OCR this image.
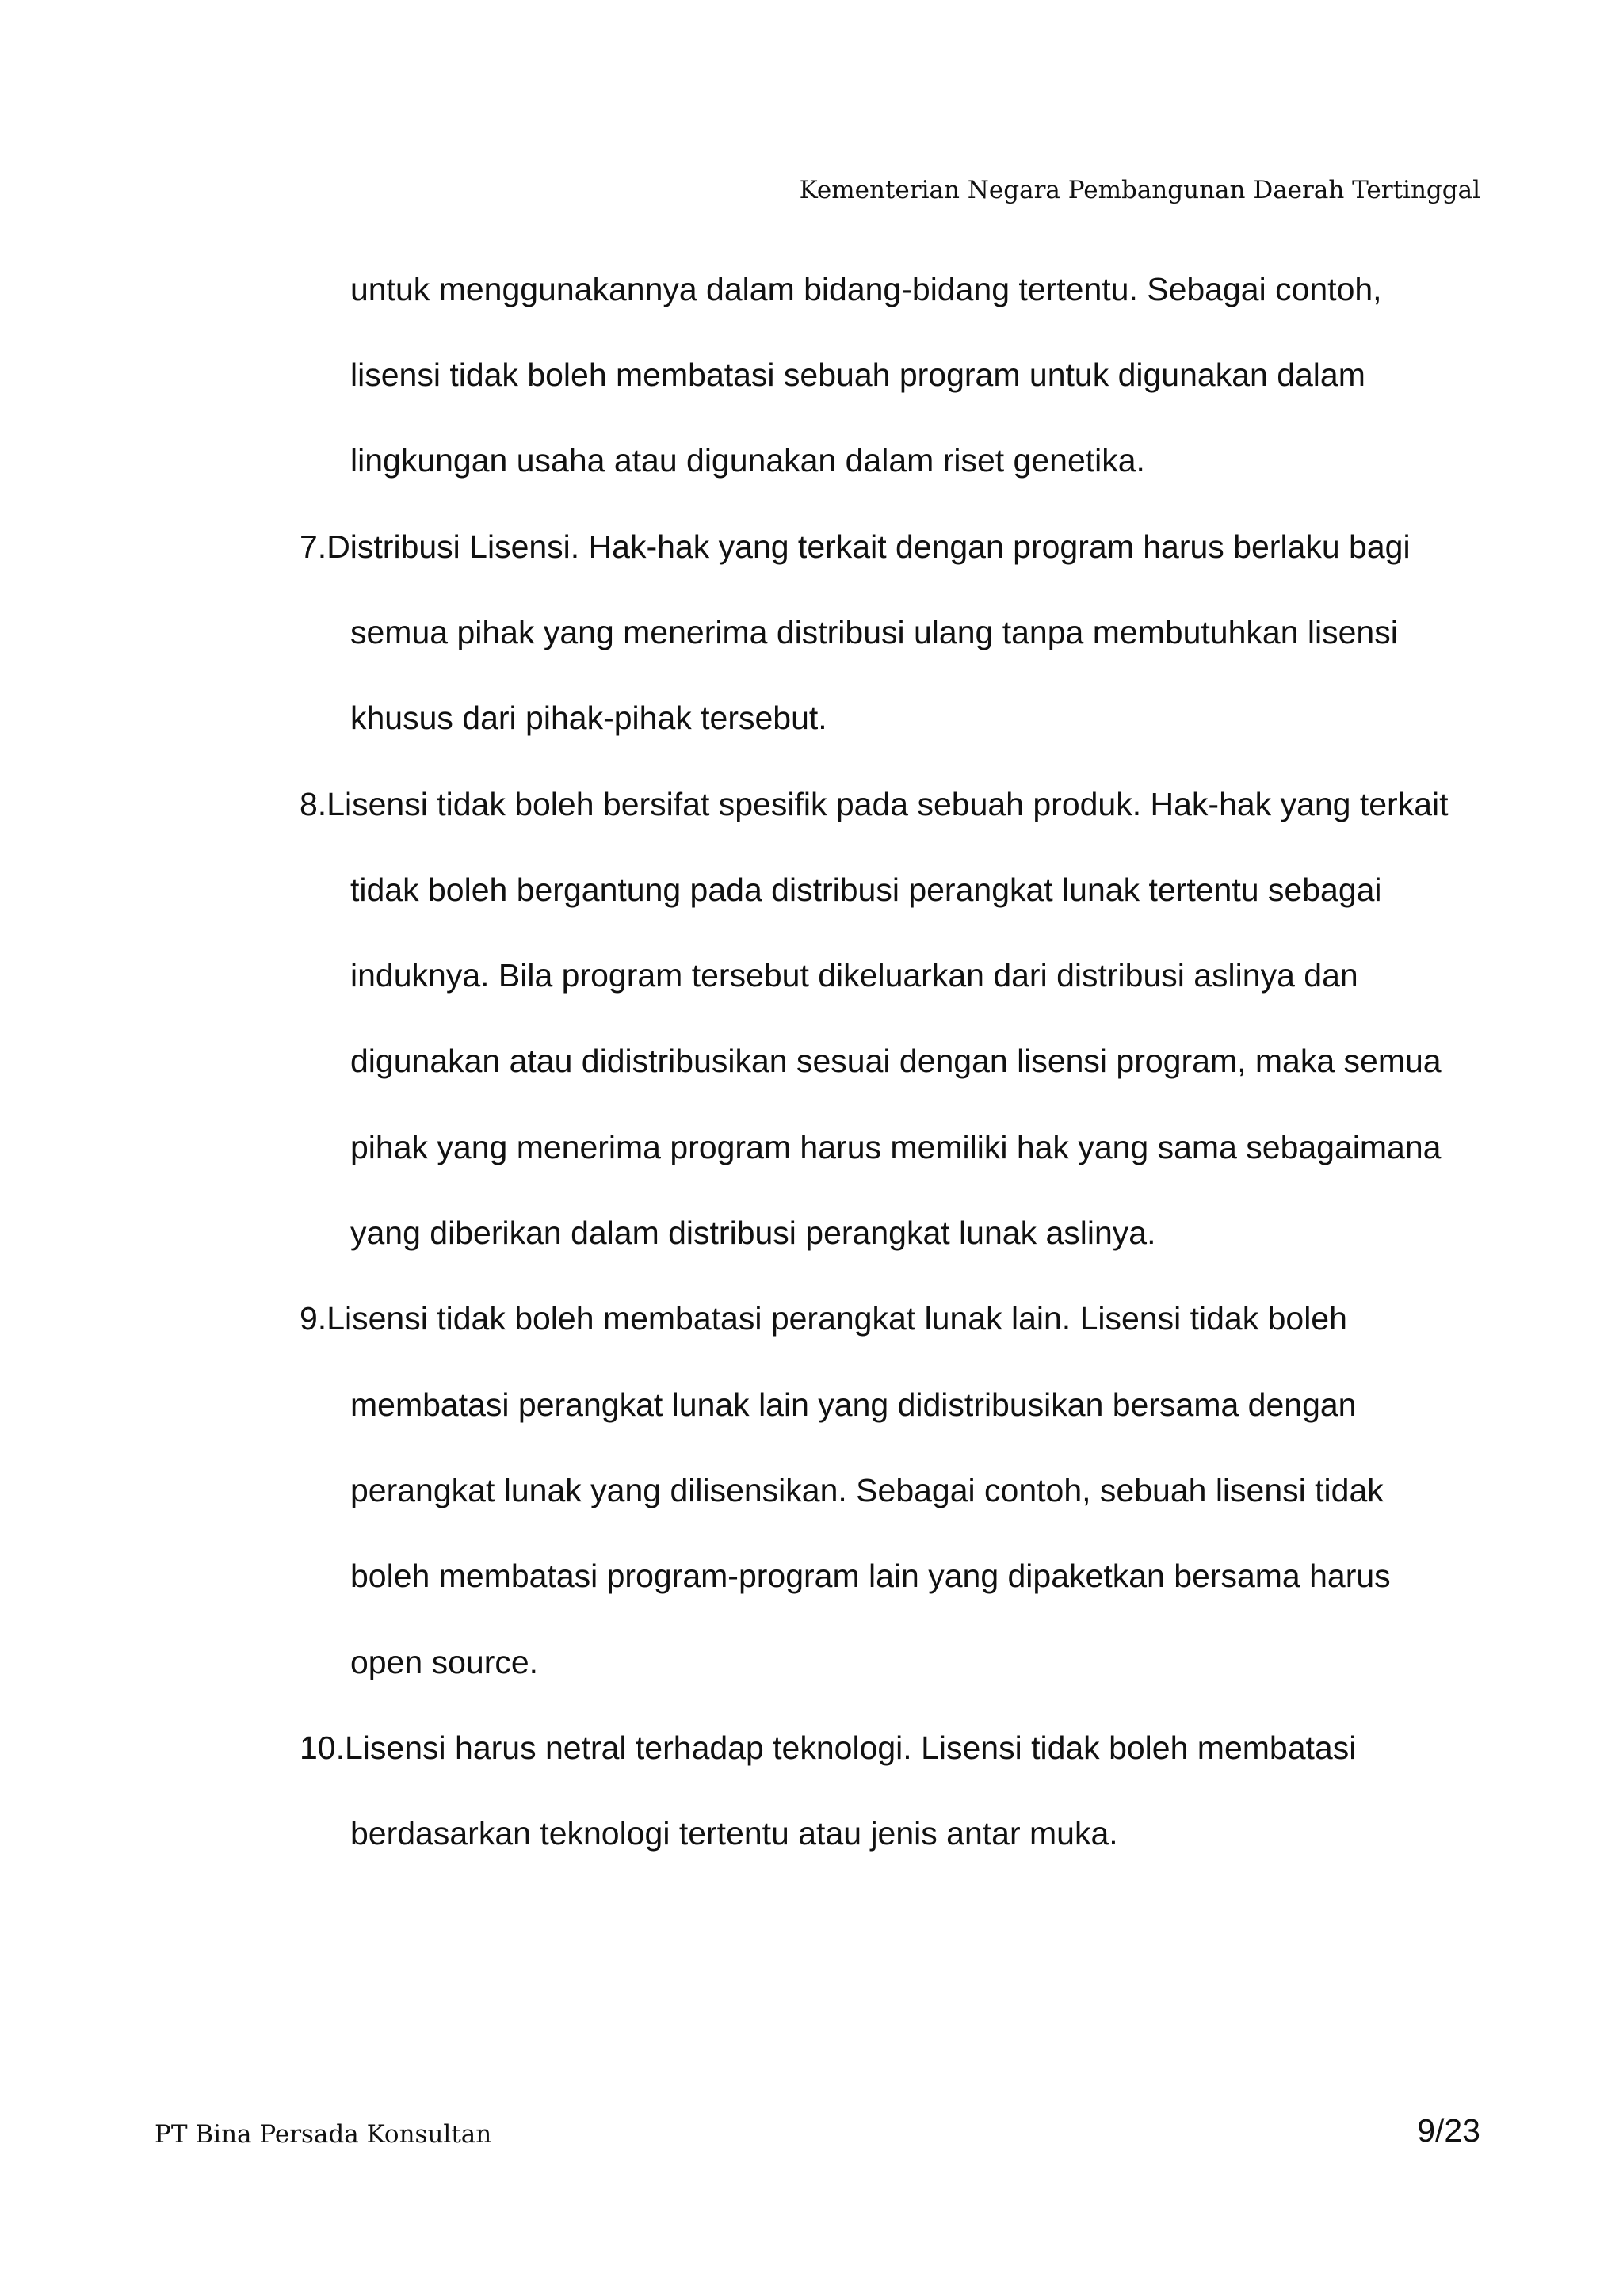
Kementerian Negara Pembangunan Daerah Tertinggal
untuk menggunakannya dalam bidang-bidang tertentu. Sebagai contoh,
lisensi tidak boleh membatasi sebuah program untuk digunakan dalam
lingkungan usaha atau digunakan dalam riset genetika.
7.Distribusi Lisensi. Hak-hak yang terkait dengan program harus berlaku bagi
semua pihak yang menerima distribusi ulang tanpa membutuhkan lisensi
khusus dari pihak-pihak tersebut.
8.Lisensi tidak boleh bersifat spesifik pada sebuah produk. Hak-hak yang terkait
tidak boleh bergantung pada distribusi perangkat lunak tertentu sebagai
induknya. Bila program tersebut dikeluarkan dari distribusi aslinya dan
digunakan atau didistribusikan sesuai dengan lisensi program, maka semua
pihak yang menerima program harus memiliki hak yang sama sebagaimana
yang diberikan dalam distribusi perangkat lunak aslinya.
9.Lisensi tidak boleh membatasi perangkat lunak lain. Lisensi tidak boleh
membatasi perangkat lunak lain yang didistribusikan bersama dengan
perangkat lunak yang dilisensikan. Sebagai contoh, sebuah lisensi tidak
boleh membatasi program-program lain yang dipaketkan bersama harus
open source.
10.Lisensi harus netral terhadap teknologi. Lisensi tidak boleh membatasi
berdasarkan teknologi tertentu atau jenis antar muka.
PT Bina Persada Konsultan	9/23
